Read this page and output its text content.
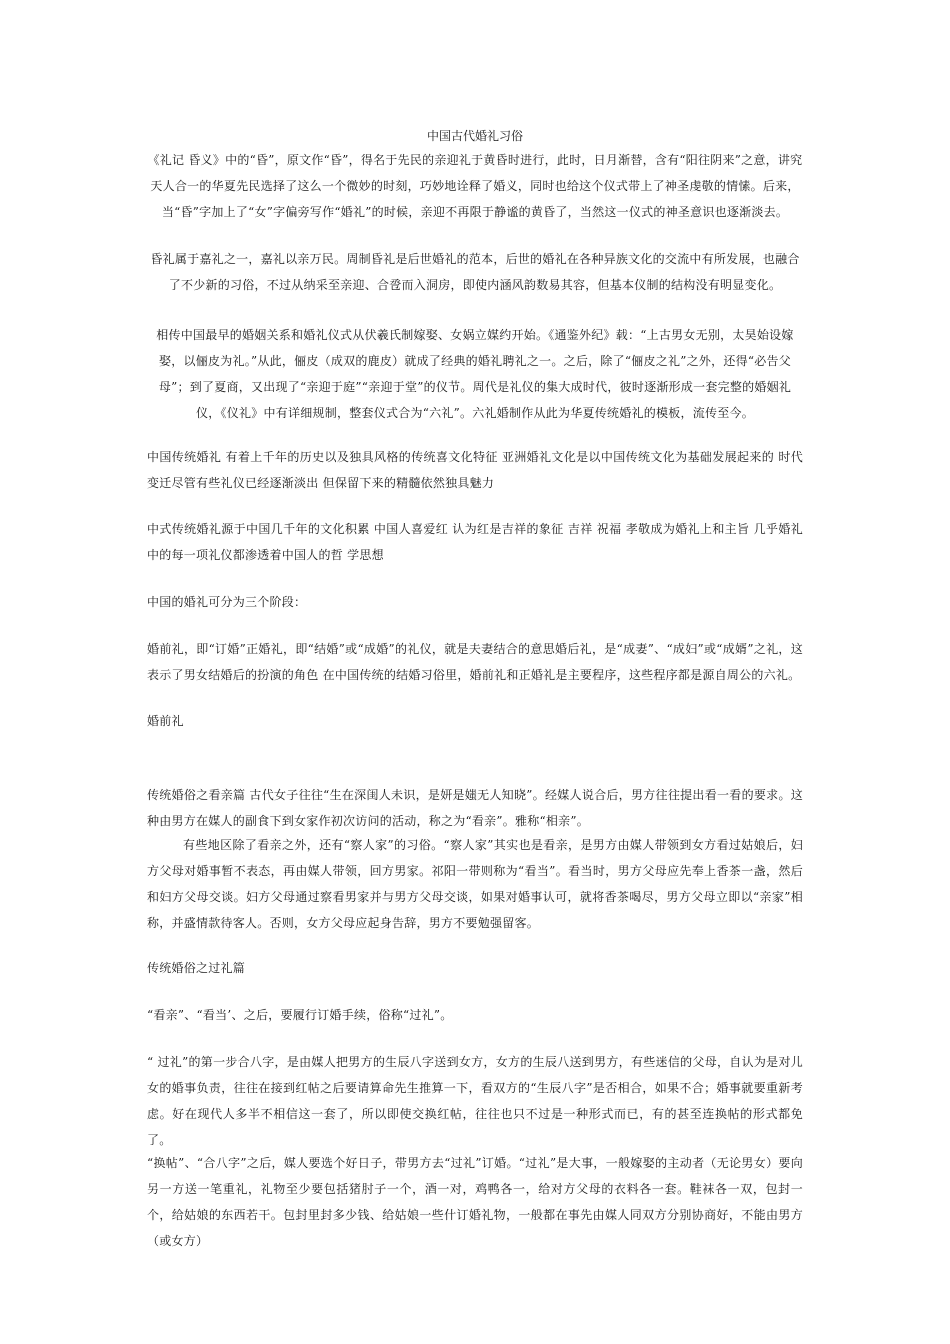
中国古代婚礼习俗

《礼记 昏义》中的“昏”，原文作“昏”，得名于先民的亲迎礼于黄昏时进行，此时，日月渐替，含有“阳往阴来”之意，讲究天人合一的华夏先民选择了这么一个微妙的时刻，巧妙地诠释了婚义，同时也给这个仪式带上了神圣虔敬的情愫。后来，当“昏”字加上了“女”字偏旁写作“婚礼”的时候，亲迎不再限于静谧的黄昏了，当然这一仪式的神圣意识也逐渐淡去。

昏礼属于嘉礼之一，嘉礼以亲万民。周制昏礼是后世婚礼的范本，后世的婚礼在各种异族文化的交流中有所发展，也融合了不少新的习俗，不过从纳采至亲迎、合卺而入洞房，即使内涵风韵数易其容，但基本仪制的结构没有明显变化。

相传中国最早的婚姻关系和婚礼仪式从伏羲氏制嫁娶、女娲立媒约开始。《通鉴外纪》载：“上古男女无别，太昊始设嫁娶，以俪皮为礼。”从此，俪皮（成双的鹿皮）就成了经典的婚礼聘礼之一。之后，除了“俪皮之礼”之外，还得“必告父母”；到了夏商，又出现了“亲迎于庭”“亲迎于堂”的仪节。周代是礼仪的集大成时代，彼时逐渐形成一套完整的婚姻礼仪，《仪礼》中有详细规制，整套仪式合为“六礼”。六礼婚制作从此为华夏传统婚礼的模板，流传至今。

中国传统婚礼 有着上千年的历史以及独具风格的传统喜文化特征 亚洲婚礼文化是以中国传统文化为基础发展起来的 时代变迁尽管有些礼仪已经逐渐淡出 但保留下来的精髓依然独具魅力

中式传统婚礼源于中国几千年的文化积累 中国人喜爱红 认为红是吉祥的象征 吉祥 祝福 孝敬成为婚礼上和主旨 几乎婚礼中的每一项礼仪都渗透着中国人的哲 学思想

中国的婚礼可分为三个阶段：

婚前礼，即“订婚”正婚礼，即“结婚”或“成婚”的礼仪，就是夫妻结合的意思婚后礼，是“成妻”、“成妇”或“成婿”之礼，这表示了男女结婚后的扮演的角色 在中国传统的结婚习俗里，婚前礼和正婚礼是主要程序，这些程序都是源自周公的六礼。

婚前礼

传统婚俗之看亲篇 古代女子往往“生在深闺人未识，是妍是媸无人知晓”。经媒人说合后，男方往往提出看一看的要求。这种由男方在媒人的副食下到女家作初次访问的活动，称之为“看亲”。雅称“相亲”。

有些地区除了看亲之外，还有“察人家”的习俗。“察人家”其实也是看亲，是男方由媒人带领到女方看过姑娘后，妇方父母对婚事暂不表态，再由媒人带领，回方男家。祁阳一带则称为“看当”。看当时，男方父母应先奉上香茶一盏，然后和妇方父母交谈。妇方父母通过察看男家并与男方父母交谈，如果对婚事认可，就将香茶喝尽，男方父母立即以“亲家”相称，并盛情款待客人。否则，女方父母应起身告辞，男方不要勉强留客。

传统婚俗之过礼篇

“看亲”、“看当’、之后，要履行订婚手续，俗称“过礼”。

“ 过礼”的第一步合八字，是由媒人把男方的生辰八字送到女方，女方的生辰八送到男方，有些迷信的父母，自认为是对儿女的婚事负责，往往在接到红帖之后要请算命先生推算一下，看双方的“生辰八字”是否相合，如果不合；婚事就要重新考虑。好在现代人多半不相信这一套了，所以即使交换红帖，往往也只不过是一种形式而已，有的甚至连换帖的形式都免了。

“换帖”、“合八字”之后，媒人要选个好日子，带男方去“过礼”订婚。“过礼”是大事，一般嫁娶的主动者（无论男女）要向另一方送一笔重礼，礼物至少要包括猪肘子一个，酒一对，鸡鸭各一，给对方父母的衣料各一套。鞋袜各一双，包封一个，给姑娘的东西若干。包封里封多少钱、给姑娘一些什订婚礼物，一般都在事先由媒人同双方分别协商好，不能由男方（或女方）
